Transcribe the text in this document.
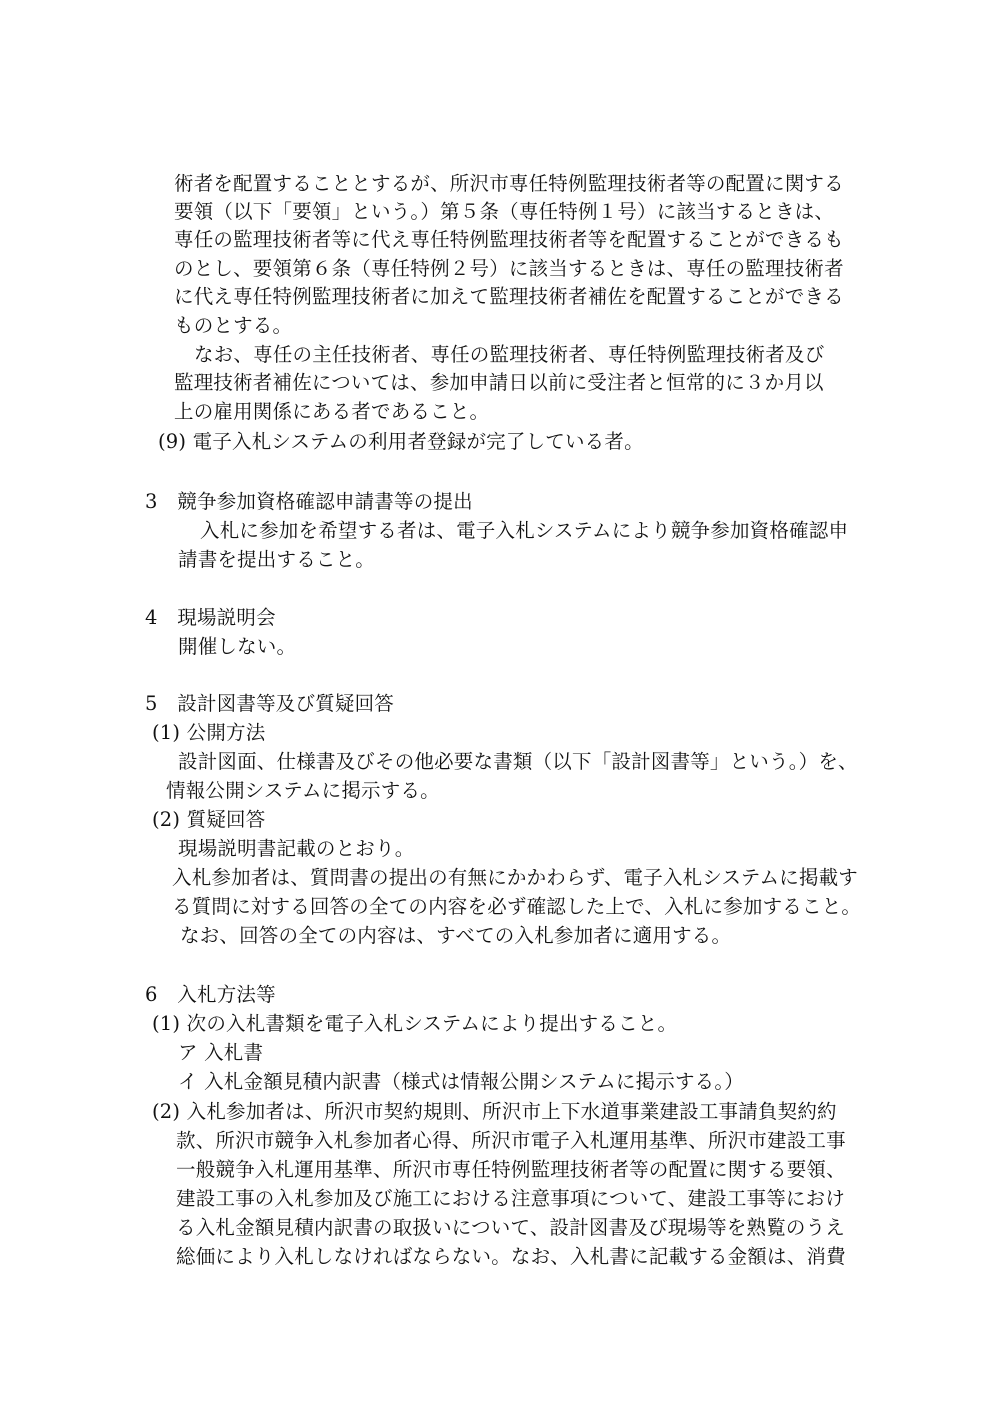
術者を配置することとするが、所沢市専任特例監理技術者等の配置に関する
要領（以下「要領」という。）第５条（専任特例１号）に該当するときは、
専任の監理技術者等に代え専任特例監理技術者等を配置することができるも
のとし、要領第６条（専任特例２号）に該当するときは、専任の監理技術者
に代え専任特例監理技術者に加えて監理技術者補佐を配置することができる
ものとする。
なお、専任の主任技術者、専任の監理技術者、専任特例監理技術者及び
監理技術者補佐については、参加申請日以前に受注者と恒常的に３か月以
上の雇用関係にある者であること。
(9) 電子入札システムの利用者登録が完了している者。
3　競争参加資格確認申請書等の提出
入札に参加を希望する者は、電子入札システムにより競争参加資格確認申
請書を提出すること。
4　現場説明会
開催しない。
5　設計図書等及び質疑回答
(1) 公開方法
設計図面、仕様書及びその他必要な書類（以下「設計図書等」という。）を、
情報公開システムに掲示する。
(2) 質疑回答
現場説明書記載のとおり。
入札参加者は、質問書の提出の有無にかかわらず、電子入札システムに掲載す
る質問に対する回答の全ての内容を必ず確認した上で、入札に参加すること。
なお、回答の全ての内容は、すべての入札参加者に適用する。
6　入札方法等
(1) 次の入札書類を電子入札システムにより提出すること。
ア 入札書
イ 入札金額見積内訳書（様式は情報公開システムに掲示する。）
(2) 入札参加者は、所沢市契約規則、所沢市上下水道事業建設工事請負契約約
款、所沢市競争入札参加者心得、所沢市電子入札運用基準、所沢市建設工事
一般競争入札運用基準、所沢市専任特例監理技術者等の配置に関する要領、
建設工事の入札参加及び施工における注意事項について、建設工事等におけ
る入札金額見積内訳書の取扱いについて、設計図書及び現場等を熟覧のうえ
総価により入札しなければならない。なお、入札書に記載する金額は、消費
